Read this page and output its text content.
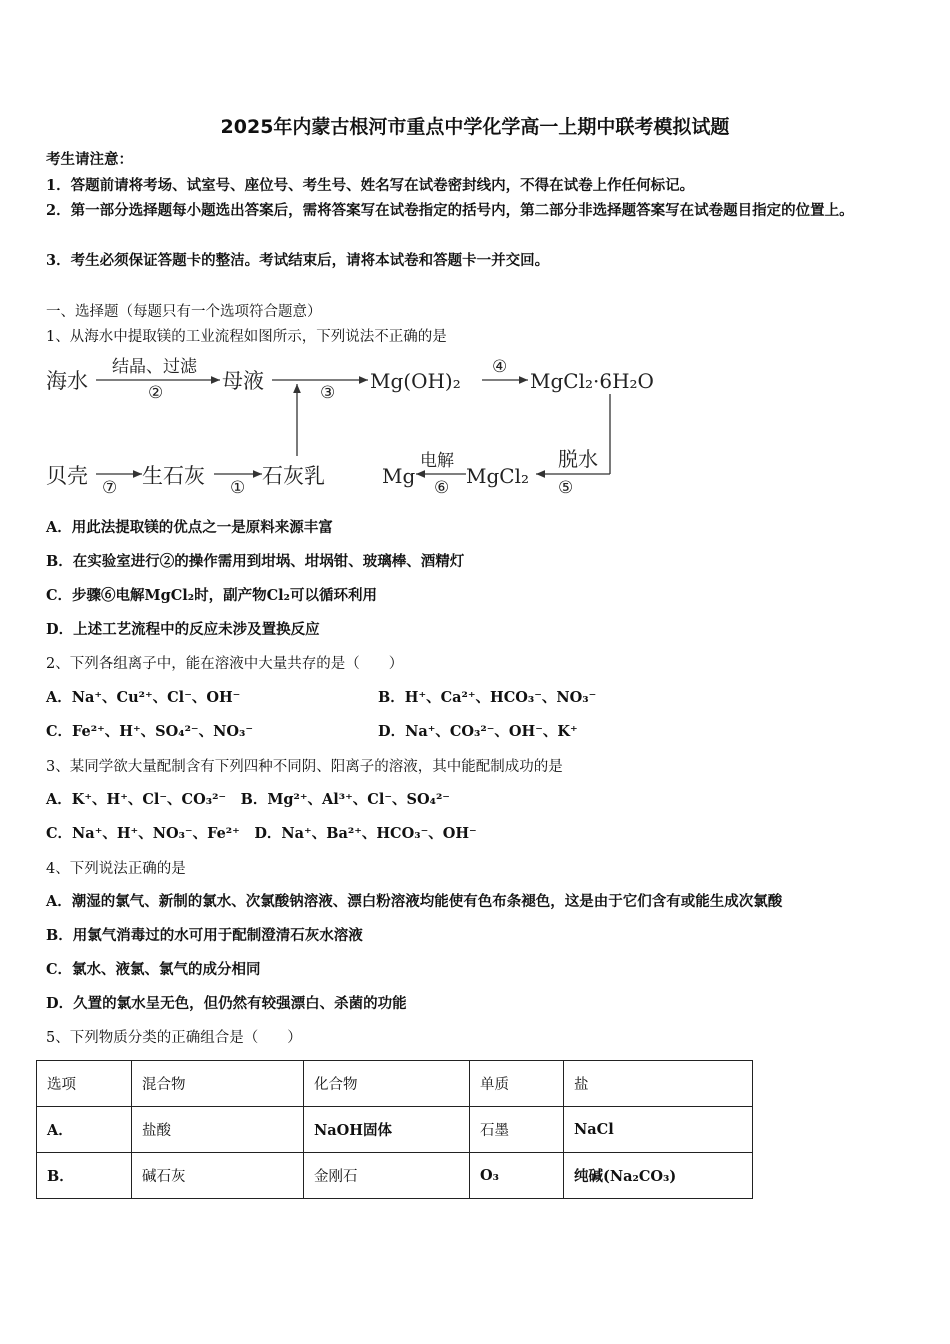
2025年内蒙古根河市重点中学化学高一上期中联考模拟试题
考生请注意：
1．答题前请将考场、试室号、座位号、考生号、姓名写在试卷密封线内，不得在试卷上作任何标记。
2．第一部分选择题每小题选出答案后，需将答案写在试卷指定的括号内，第二部分非选择题答案写在试卷题目指定的位置上。
3．考生必须保证答题卡的整洁。考试结束后，请将本试卷和答题卡一并交回。
一、选择题（每题只有一个选项符合题意）
1、从海水中提取镁的工业流程如图所示，下列说法不正确的是
海水
结晶、过滤
②	母液	③ Mg(OH)₂
④
MgCl₂·6H₂O
贝壳 ⑦ 生石灰 ① 石灰乳	Mg
电解
⑥ MgCl₂
脱水
⑤
A．用此法提取镁的优点之一是原料来源丰富
B．在实验室进行②的操作需用到坩埚、坩埚钳、玻璃棒、酒精灯
C．步骤⑥电解MgCl₂时，副产物Cl₂可以循环利用
D．上述工艺流程中的反应未涉及置换反应
2、下列各组离子中，能在溶液中大量共存的是（　　）
A．Na⁺、Cu²⁺、Cl⁻、OH⁻	B．H⁺、Ca²⁺、HCO₃⁻、NO₃⁻
C．Fe²⁺、H⁺、SO₄²⁻、NO₃⁻	D．Na⁺、CO₃²⁻、OH⁻、K⁺
3、某同学欲大量配制含有下列四种不同阴、阳离子的溶液，其中能配制成功的是
A．K⁺、H⁺、Cl⁻、CO₃²⁻　B．Mg²⁺、Al³⁺、Cl⁻、SO₄²⁻
C．Na⁺、H⁺、NO₃⁻、Fe²⁺　D．Na⁺、Ba²⁺、HCO₃⁻、OH⁻
4、下列说法正确的是
A．潮湿的氯气、新制的氯水、次氯酸钠溶液、漂白粉溶液均能使有色布条褪色，这是由于它们含有或能生成次氯酸
B．用氯气消毒过的水可用于配制澄清石灰水溶液
C．氯水、液氯、氯气的成分相同
D．久置的氯水呈无色，但仍然有较强漂白、杀菌的功能
5、下列物质分类的正确组合是（　　）
选项	混合物	化合物	单质	盐
A．	盐酸	NaOH固体	石墨	NaCl
B．	碱石灰	金刚石	O₃	纯碱(Na₂CO₃)
